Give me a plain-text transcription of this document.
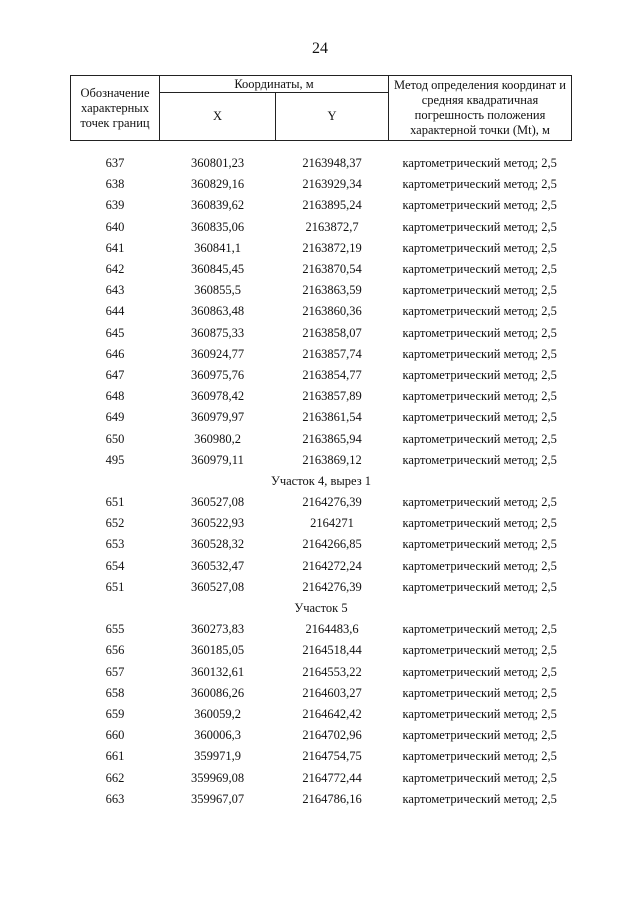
24
Обозначение характерных точек границ	Координаты, м		Метод определения координат и средняя квадратичная погрешность положения характерной точки (Mt), м
	X	Y	

637	360801,23	2163948,37	картометрический метод; 2,5
638	360829,16	2163929,34	картометрический метод; 2,5
639	360839,62	2163895,24	картометрический метод; 2,5
640	360835,06	2163872,7	картометрический метод; 2,5
641	360841,1	2163872,19	картометрический метод; 2,5
642	360845,45	2163870,54	картометрический метод; 2,5
643	360855,5	2163863,59	картометрический метод; 2,5
644	360863,48	2163860,36	картометрический метод; 2,5
645	360875,33	2163858,07	картометрический метод; 2,5
646	360924,77	2163857,74	картометрический метод; 2,5
647	360975,76	2163854,77	картометрический метод; 2,5
648	360978,42	2163857,89	картометрический метод; 2,5
649	360979,97	2163861,54	картометрический метод; 2,5
650	360980,2	2163865,94	картометрический метод; 2,5
495	360979,11	2163869,12	картометрический метод; 2,5
Участок 4, вырез 1			
651	360527,08	2164276,39	картометрический метод; 2,5
652	360522,93	2164271	картометрический метод; 2,5
653	360528,32	2164266,85	картометрический метод; 2,5
654	360532,47	2164272,24	картометрический метод; 2,5
651	360527,08	2164276,39	картометрический метод; 2,5
Участок 5			
655	360273,83	2164483,6	картометрический метод; 2,5
656	360185,05	2164518,44	картометрический метод; 2,5
657	360132,61	2164553,22	картометрический метод; 2,5
658	360086,26	2164603,27	картометрический метод; 2,5
659	360059,2	2164642,42	картометрический метод; 2,5
660	360006,3	2164702,96	картометрический метод; 2,5
661	359971,9	2164754,75	картометрический метод; 2,5
662	359969,08	2164772,44	картометрический метод; 2,5
663	359967,07	2164786,16	картометрический метод; 2,5
